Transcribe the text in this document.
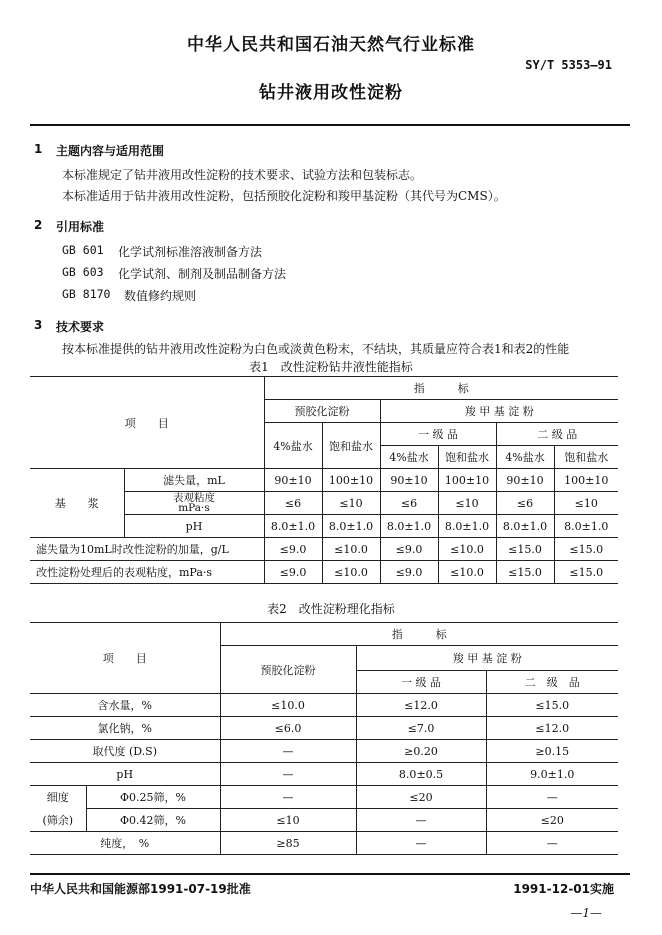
中华人民共和国石油天然气行业标准
SY/T 5353—91
钻井液用改性淀粉
1 主题内容与适用范围
本标准规定了钻井液用改性淀粉的技术要求、试验方法和包装标志。
本标准适用于钻井液用改性淀粉，包括预胶化淀粉和羧甲基淀粉（其代号为CMS）。
2 引用标准
GB 601 化学试剂标准溶液制备方法
GB 603 化学试剂、制剂及制品制备方法
GB 8170 数值修约规则
3 技术要求
按本标准提供的钻井液用改性淀粉为白色或淡黄色粉末，不结块，其质量应符合表1和表2的性能
表1　改性淀粉钻井液性能指标
项　　目		指　　　标					
		预胶化淀粉		羧 甲 基 淀 粉			
		4%盐水	饱和盐水	一 级 品		二 级 品	
				4%盐水	饱和盐水	4%盐水	饱和盐水
基　　浆	滤失量，mL	90±10	100±10	90±10	100±10	90±10	100±10

	表观粘度
mPa·s	≤6	≤10	≤6	≤10	≤6	≤10
	pH	8.0±1.0	8.0±1.0	8.0±1.0	8.0±1.0	8.0±1.0	8.0±1.0
滤失量为10mL时改性淀粉的加量，g/L		≤9.0	≤10.0	≤9.0	≤10.0	≤15.0	≤15.0
改性淀粉处理后的表观粘度，mPa·s		≤9.0	≤10.0	≤9.0	≤10.0	≤15.0	≤15.0
表2　改性淀粉理化指标
项　　目		指　　　标		
		预胶化淀粉	羧 甲 基 淀 粉	
			一 级 品	二　级　品
含水量，%		≤10.0	≤12.0	≤15.0
氯化钠，%		≤6.0	≤7.0	≤12.0
取代度 (D.S)		—	≥0.20	≥0.15
pH		—	8.0±0.5	9.0±1.0
细度	Φ0.25筛，%	—	≤20	—
(筛余)	Φ0.42筛，%	≤10	—	≤20
纯度，　%		≥85	—	—
中华人民共和国能源部1991-07-19批准	1991-12-01实施
—1—
